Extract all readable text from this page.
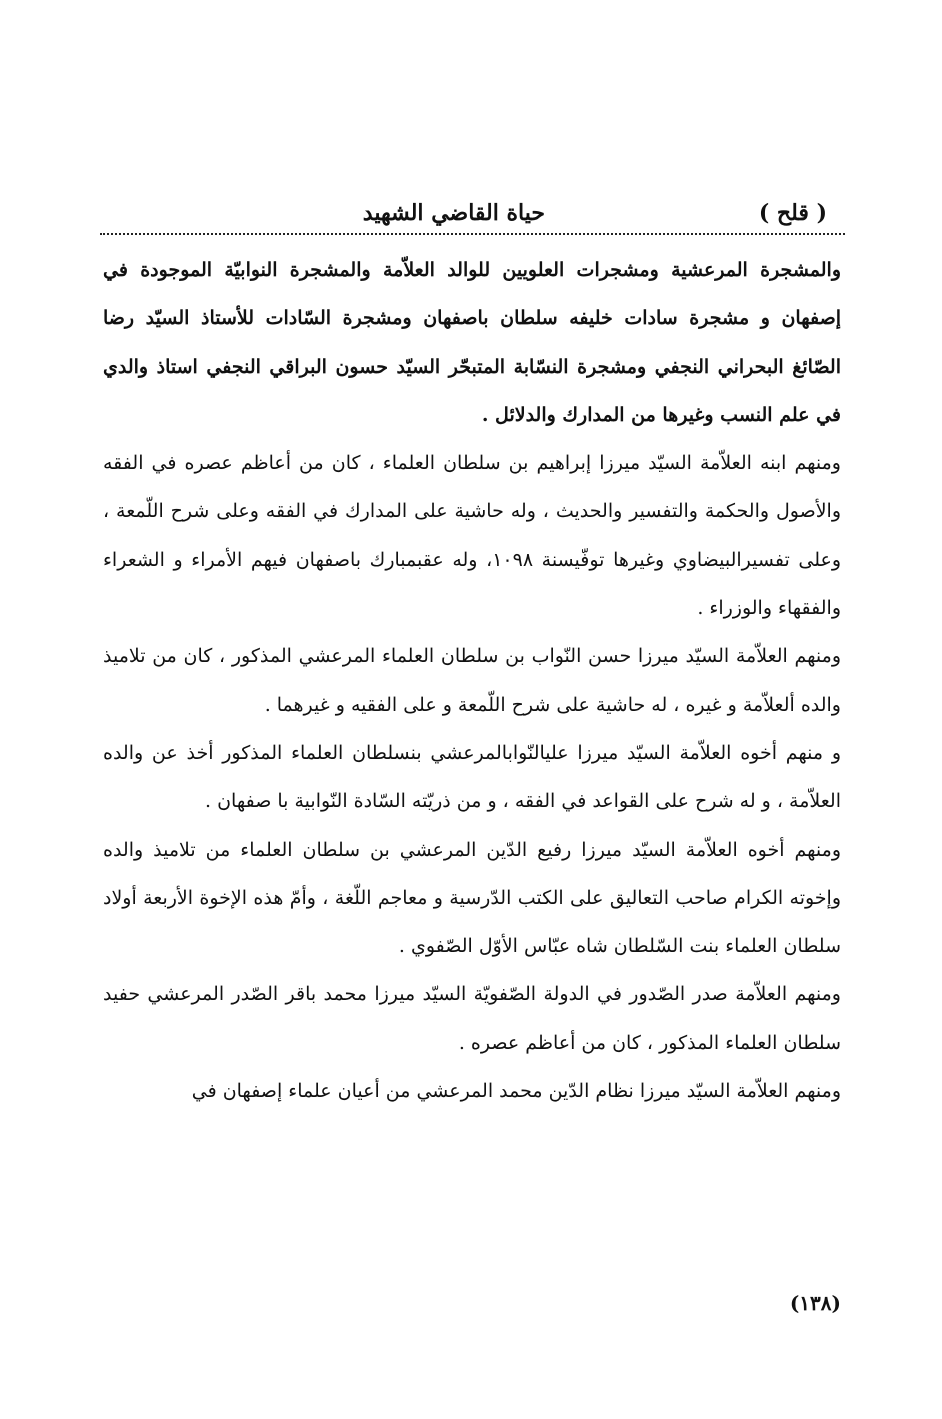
( قلح )
حياة القاضي الشهيد

والمشجرة المرعشية ومشجرات العلويين للوالد العلاّمة والمشجرة النوابيّة الموجودة في إصفهان و مشجرة سادات خليفه سلطان باصفهان ومشجرة السّادات للأستاذ السيّد رضا الصّائغ البحراني النجفي ومشجرة النسّابة المتبحّر السيّد حسون البراقي النجفي استاذ والدي في علم النسب وغيرها من المدارك والدلائل .

ومنهم ابنه العلاّمة السيّد ميرزا إبراهيم بن سلطان العلماء ، كان من أعاظم عصره في الفقه والأصول والحكمة والتفسير والحديث ، وله حاشية على المدارك في الفقه وعلى شرح اللّمعة ، وعلى تفسيرالبيضاوي وغيرها توفّيسنة ١٠٩٨، وله عقبمبارك باصفهان فيهم الأمراء و الشعراء والفقهاء والوزراء .

ومنهم العلاّمة السيّد ميرزا حسن النّواب بن سلطان العلماء المرعشي المذكور ، كان من تلاميذ والده ألعلاّمة و غيره ، له حاشية على شرح اللّمعة و على الفقيه و غيرهما .

و منهم أخوه العلاّمة السيّد ميرزا عليالنّوابالمرعشي بنسلطان العلماء المذكور أخذ عن والده العلاّمة ، و له شرح على القواعد في الفقه ، و من ذريّته السّادة النّوابية با صفهان .

ومنهم أخوه العلاّمة السيّد ميرزا رفيع الدّين المرعشي بن سلطان العلماء من تلاميذ والده وإخوته الكرام صاحب التعاليق على الكتب الدّرسية و معاجم اللّغة ، وأمّ هذه الإخوة الأربعة أولاد سلطان العلماء بنت السّلطان شاه عبّاس الأوّل الصّفوي .

ومنهم العلاّمة صدر الصّدور في الدولة الصّفويّة السيّد ميرزا محمد باقر الصّدر المرعشي حفيد سلطان العلماء المذكور ، كان من أعاظم عصره .

ومنهم العلاّمة السيّد ميرزا نظام الدّين محمد المرعشي من أعيان علماء إصفهان في

(١٣٨)
